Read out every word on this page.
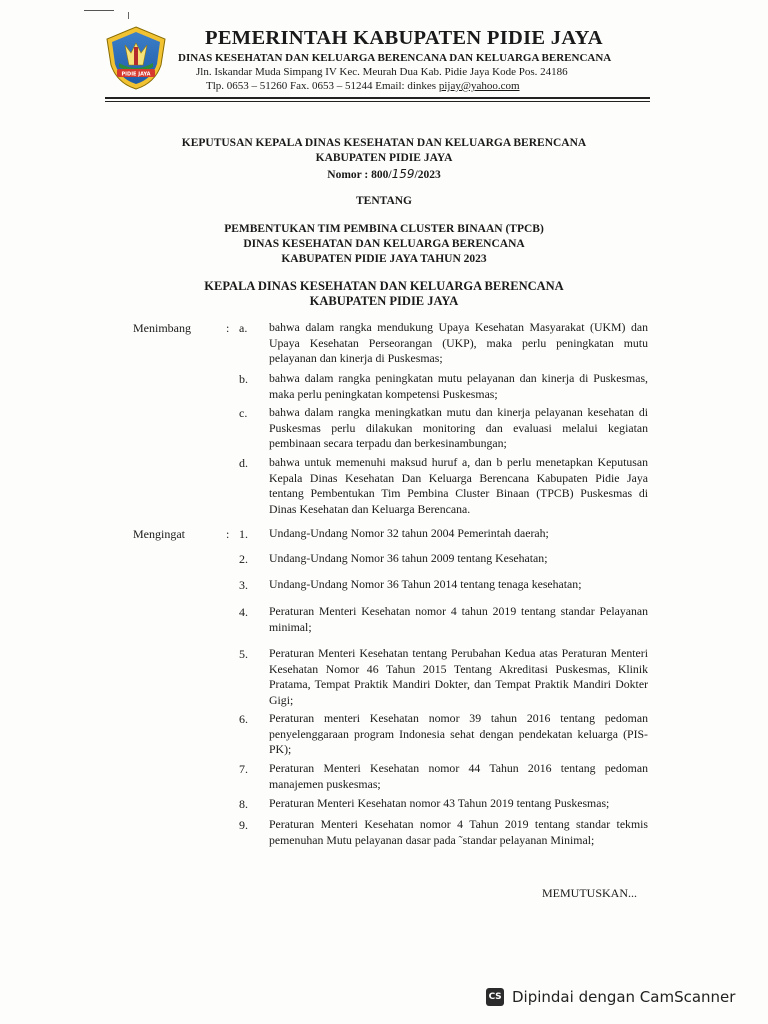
PIDIE JAYA
PEMERINTAH KABUPATEN PIDIE JAYA
DINAS KESEHATAN DAN KELUARGA BERENCANA DAN KELUARGA BERENCANA
Jln. Iskandar Muda Simpang IV Kec. Meurah Dua Kab. Pidie Jaya Kode Pos. 24186
Tlp. 0653 – 51260 Fax. 0653 – 51244 Email: dinkes pijay@yahoo.com
KEPUTUSAN KEPALA DINAS KESEHATAN DAN KELUARGA BERENCANA
KABUPATEN PIDIE JAYA
Nomor : 800/159/2023
TENTANG
PEMBENTUKAN TIM PEMBINA CLUSTER BINAAN (TPCB)
DINAS KESEHATAN DAN KELUARGA BERENCANA
KABUPATEN PIDIE JAYA TAHUN 2023
KEPALA DINAS KESEHATAN DAN KELUARGA BERENCANA
KABUPATEN PIDIE JAYA
Menimbang	: a.	bahwa dalam rangka mendukung Upaya Kesehatan Masyarakat (UKM) dan Upaya Kesehatan Perseorangan (UKP), maka perlu peningkatan mutu pelayanan dan kinerja di Puskesmas;
b.	bahwa dalam rangka peningkatan mutu pelayanan dan kinerja di Puskesmas, maka perlu peningkatan kompetensi Puskesmas;
c.	bahwa dalam rangka meningkatkan mutu dan kinerja pelayanan kesehatan di Puskesmas perlu dilakukan monitoring dan evaluasi melalui kegiatan pembinaan secara terpadu dan berkesinambungan;
d.	bahwa untuk memenuhi maksud huruf a, dan b perlu menetapkan Keputusan Kepala Dinas Kesehatan Dan Keluarga Berencana Kabupaten Pidie Jaya tentang Pembentukan Tim Pembina Cluster Binaan (TPCB) Puskesmas di Dinas Kesehatan dan Keluarga Berencana.
Mengingat	: 1.	Undang-Undang Nomor 32 tahun 2004 Pemerintah daerah;
2.	Undang-Undang Nomor 36 tahun 2009 tentang Kesehatan;
3.	Undang-Undang Nomor 36 Tahun 2014 tentang tenaga kesehatan;
4.	Peraturan Menteri Kesehatan nomor 4 tahun 2019 tentang standar Pelayanan minimal;
5.	Peraturan Menteri Kesehatan tentang Perubahan Kedua atas Peraturan Menteri Kesehatan Nomor 46 Tahun 2015 Tentang Akreditasi Puskesmas, Klinik Pratama, Tempat Praktik Mandiri Dokter, dan Tempat Praktik Mandiri Dokter Gigi;
6.	Peraturan menteri Kesehatan nomor 39 tahun 2016 tentang pedoman penyelenggaraan program Indonesia sehat dengan pendekatan keluarga (PIS-PK);
7.	Peraturan Menteri Kesehatan nomor 44 Tahun 2016 tentang pedoman manajemen puskesmas;
8.	Peraturan Menteri Kesehatan nomor 43 Tahun 2019 tentang Puskesmas;
9.	Peraturan Menteri Kesehatan nomor 4 Tahun 2019 tentang standar tekmis pemenuhan Mutu pelayanan dasar pada ˜standar pelayanan Minimal;
MEMUTUSKAN...
CS Dipindai dengan CamScanner
